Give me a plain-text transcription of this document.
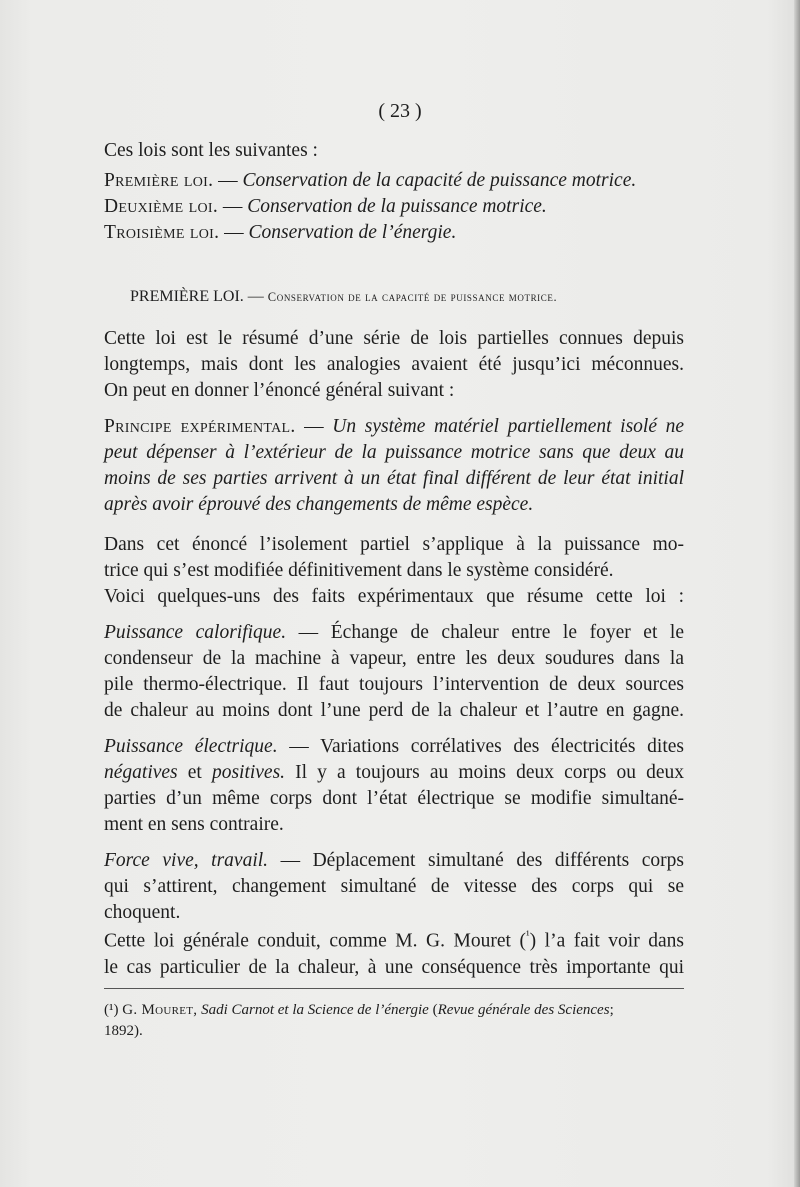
( 23 )
Ces lois sont les suivantes :
Première loi. — Conservation de la capacité de puissance motrice.
Deuxième loi. — Conservation de la puissance motrice.
Troisième loi. — Conservation de l’énergie.
PREMIÈRE LOI. — Conservation de la capacité de puissance motrice.
Cette loi est le résumé d’une série de lois partielles connues depuis
longtemps, mais dont les analogies avaient été jusqu’ici méconnues.
On peut en donner l’énoncé général suivant :
Principe expérimental. — Un système matériel partiellement isolé ne
peut dépenser à l’extérieur de la puissance motrice sans que deux au
moins de ses parties arrivent à un état final différent de leur état initial
après avoir éprouvé des changements de même espèce.
Dans cet énoncé l’isolement partiel s’applique à la puissance mo-
trice qui s’est modifiée définitivement dans le système considéré.
Voici quelques-uns des faits expérimentaux que résume cette loi :
Puissance calorifique. — Échange de chaleur entre le foyer et le
condenseur de la machine à vapeur, entre les deux soudures dans la
pile thermo-électrique. Il faut toujours l’intervention de deux sources
de chaleur au moins dont l’une perd de la chaleur et l’autre en gagne.
Puissance électrique. — Variations corrélatives des électricités dites
négatives et positives. Il y a toujours au moins deux corps ou deux
parties d’un même corps dont l’état électrique se modifie simultané-
ment en sens contraire.
Force vive, travail. — Déplacement simultané des différents corps
qui s’attirent, changement simultané de vitesse des corps qui se
choquent.
Cette loi générale conduit, comme M. G. Mouret ($^{^1}$) l’a fait voir dans
le cas particulier de la chaleur, à une conséquence très importante qui
(¹) G. Mouret, Sadi Carnot et la Science de l’énergie (Revue générale des Sciences;
1892).
